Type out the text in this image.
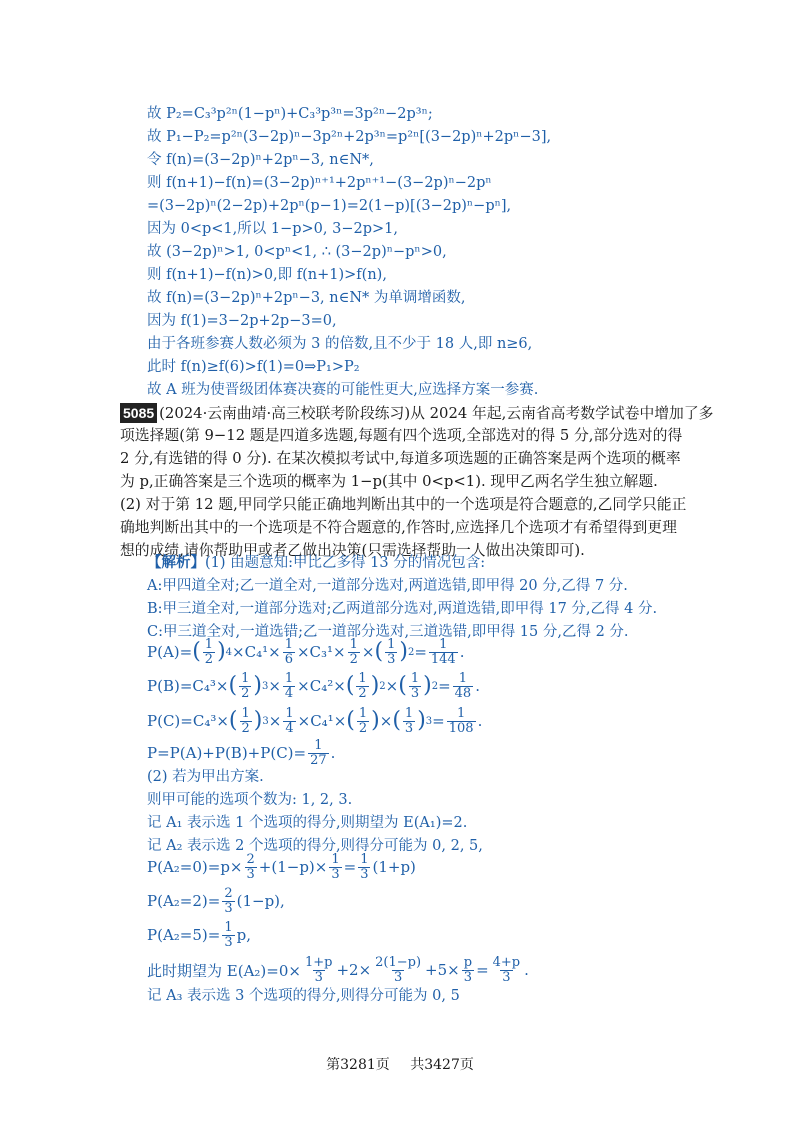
故 P₂=C₃³p²ⁿ(1−pⁿ)+C₃³p³ⁿ=3p²ⁿ−2p³ⁿ;
故 P₁−P₂=p²ⁿ(3−2p)ⁿ−3p²ⁿ+2p³ⁿ=p²ⁿ[(3−2p)ⁿ+2pⁿ−3],
令 f(n)=(3−2p)ⁿ+2pⁿ−3, n∈N*,
则 f(n+1)−f(n)=(3−2p)ⁿ⁺¹+2pⁿ⁺¹−(3−2p)ⁿ−2pⁿ
=(3−2p)ⁿ(2−2p)+2pⁿ(p−1)=2(1−p)[(3−2p)ⁿ−pⁿ],
因为 0<p<1,所以 1−p>0, 3−2p>1,
故 (3−2p)ⁿ>1, 0<pⁿ<1, ∴ (3−2p)ⁿ−pⁿ>0,
则 f(n+1)−f(n)>0,即 f(n+1)>f(n),
故 f(n)=(3−2p)ⁿ+2pⁿ−3, n∈N* 为单调增函数,
因为 f(1)=3−2p+2p−3=0,
由于各班参赛人数必须为 3 的倍数,且不少于 18 人,即 n≥6,
此时 f(n)≥f(6)>f(1)=0⇒P₁>P₂
故 A 班为使晋级团体赛决赛的可能性更大,应选择方案一参赛.
5085 (2024·云南曲靖·高三校联考阶段练习)从 2024 年起,云南省高考数学试卷中增加了多
项选择题(第 9−12 题是四道多选题,每题有四个选项,全部选对的得 5 分,部分选对的得
2 分,有选错的得 0 分). 在某次模拟考试中,每道多项选题的正确答案是两个选项的概率
为 p,正确答案是三个选项的概率为 1−p(其中 0<p<1). 现甲乙两名学生独立解题.
(2) 对于第 12 题,甲同学只能正确地判断出其中的一个选项是符合题意的,乙同学只能正
确地判断出其中的一个选项是不符合题意的,作答时,应选择几个选项才有希望得到更理
想的成绩,请你帮助甲或者乙做出决策(只需选择帮助一人做出决策即可).
【解析】(1) 由题意知:甲比乙多得 13 分的情况包含:
A:甲四道全对;乙一道全对,一道部分选对,两道选错,即甲得 20 分,乙得 7 分.
B:甲三道全对,一道部分选对;乙两道部分选对,两道选错,即甲得 17 分,乙得 4 分.
C:甲三道全对,一道选错;乙一道部分选对,三道选错,即甲得 15 分,乙得 2 分.
P(A)= ( $\frac{1}{2}$ ) $4 \times C_4^1\times \frac{1}{6} \times C_3^1\times \frac{1}{2}$ × ( $\frac{1}{3}$ ) $2 = \frac{1}{144}$ .
P(B)=C₄³× ( $\frac{1}{2}$ ) $3 \times \frac{1}{4} \times C_4^2\times$ ( $\frac{1}{2}$ ) 2 × ( $\frac{1}{3}$ ) $2 = \frac{1}{48}$ .
P(C)=C₄³× ( $\frac{1}{2}$ ) $3 \times \frac{1}{4} \times C_4^1\times$ ( $\frac{1}{2}$ ) × ( $\frac{1}{3}$ ) $3 = \frac{1}{108}$ .
$P=P(A)+P(B)+P(C)= \frac{1}{27}$ .
(2) 若为甲出方案.
则甲可能的选项个数为: 1, 2, 3.
记 A₁ 表示选 1 个选项的得分,则期望为 E(A₁)=2.
记 A₂ 表示选 2 个选项的得分,则得分可能为 0, 2, 5,
$P(A_2=0)=p\times \frac{2}{3} +(1-p)\times \frac{1}{3} = \frac{1}{3} (1+p)$
$P(A_2=2)= \frac{2}{3} (1-p)$,
$P(A_2=5)= \frac{1}{3} p$,
此时期望为 $E(A_2)=0\times \frac{1+p}{3} +2\times \frac{2(1-p)}{3} +5\times \frac{p}{3} = \frac{4+p}{3}$ .
记 A₃ 表示选 3 个选项的得分,则得分可能为 0, 5
第3281页 共3427页
